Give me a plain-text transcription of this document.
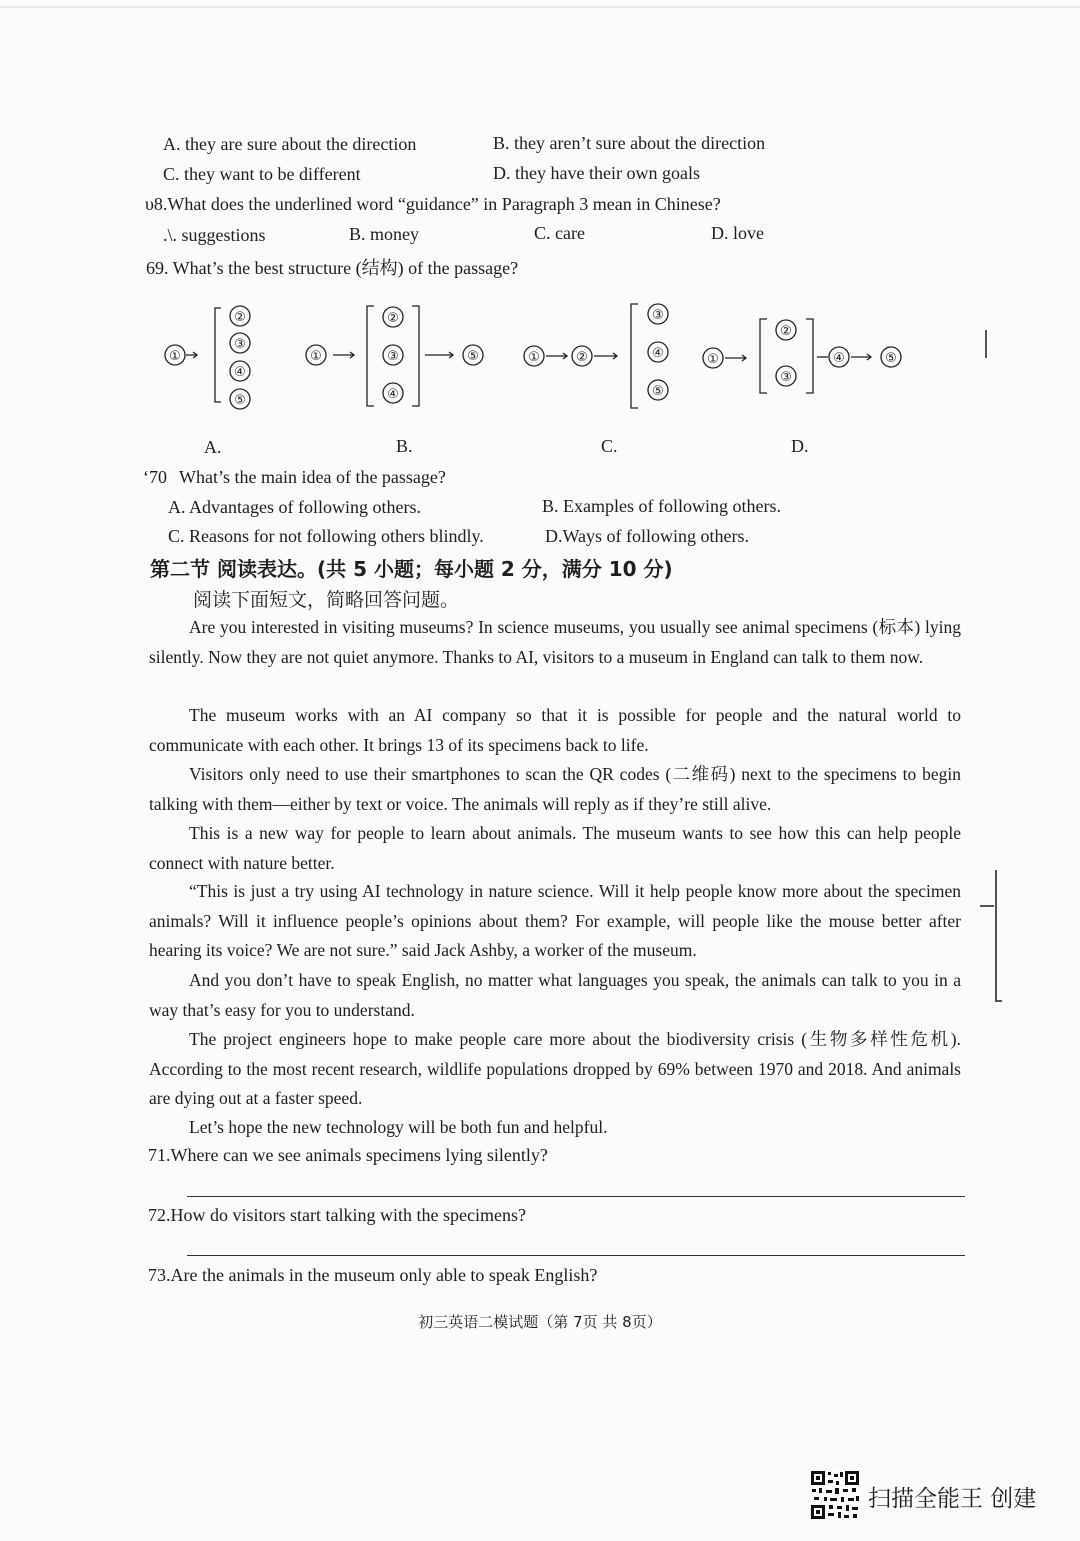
A. they are sure about the direction	B. they aren’t sure about the direction
C. they want to be different	D. they have their own goals
υ8.What does the underlined word “guidance” in Paragraph 3 mean in Chinese?
.\. suggestions	B. money	C. care	D. love
69. What’s the best structure (结构) of the passage?
①
②
③
④
⑤
①
②
③
④
⑤	①	②
③
④
⑤
①
②
③
④	⑤
A.	B.	C.	D.
‘70 What’s the main idea of the passage?
A. Advantages of following others.	B. Examples of following others.
C. Reasons for not following others blindly.	D.Ways of following others.
第二节 阅读表达。(共 5 小题；每小题 2 分，满分 10 分)
阅读下面短文，简略回答问题。
Are you interested in visiting museums? In science museums, you usually see animal specimens (标本) lying silently. Now they are not quiet anymore. Thanks to AI, visitors to a museum in England can talk to them now.
The museum works with an AI company so that it is possible for people and the natural world to communicate with each other. It brings 13 of its specimens back to life.
Visitors only need to use their smartphones to scan the QR codes (二维码) next to the specimens to begin talking with them—either by text or voice. The animals will reply as if they’re still alive.
This is a new way for people to learn about animals. The museum wants to see how this can help people connect with nature better.
“This is just a try using AI technology in nature science. Will it help people know more about the specimen animals? Will it influence people’s opinions about them? For example, will people like the mouse better after hearing its voice? We are not sure.” said Jack Ashby, a worker of the museum.
And you don’t have to speak English, no matter what languages you speak, the animals can talk to you in a way that’s easy for you to understand.
The project engineers hope to make people care more about the biodiversity crisis (生物多样性危机). According to the most recent research, wildlife populations dropped by 69% between 1970 and 2018. And animals are dying out at a faster speed.
Let’s hope the new technology will be both fun and helpful.
71.Where can we see animals specimens lying silently?
72.How do visitors start talking with the specimens?
73.Are the animals in the museum only able to speak English?
初三英语二模试题（第 7页 共 8页）
扫描全能王 创建
